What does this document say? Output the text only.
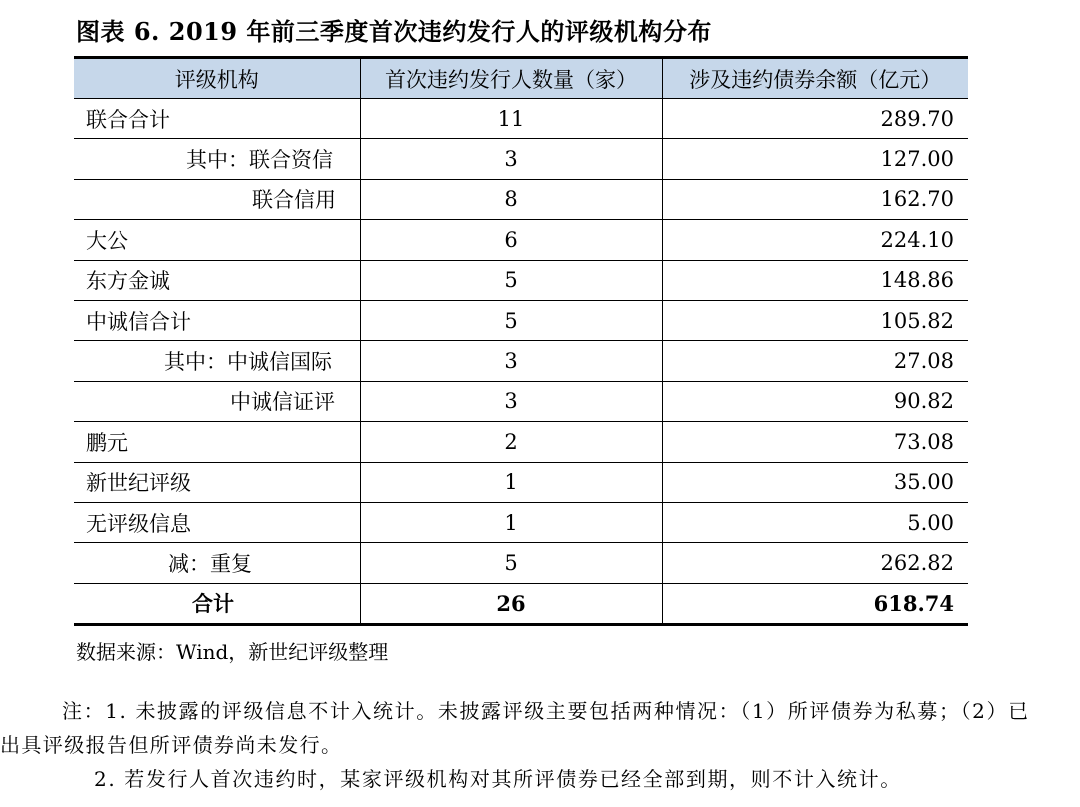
图表 6. 2019 年前三季度首次违约发行人的评级机构分布
评级机构	首次违约发行人数量（家）	涉及违约债券余额（亿元）
联合合计	11	289.70
其中：联合资信	3	127.00
联合信用	8	162.70
大公	6	224.10
东方金诚	5	148.86
中诚信合计	5	105.82
其中：中诚信国际	3	27.08
中诚信证评	3	90.82
鹏元	2	73.08
新世纪评级	1	35.00
无评级信息	1	5.00
减：重复	5	262.82
合计	26	618.74
数据来源：Wind，新世纪评级整理
注：1. 未披露的评级信息不计入统计。未披露评级主要包括两种情况：（1）所评债券为私募；（2）已
出具评级报告但所评债券尚未发行。
2. 若发行人首次违约时，某家评级机构对其所评债券已经全部到期，则不计入统计。
